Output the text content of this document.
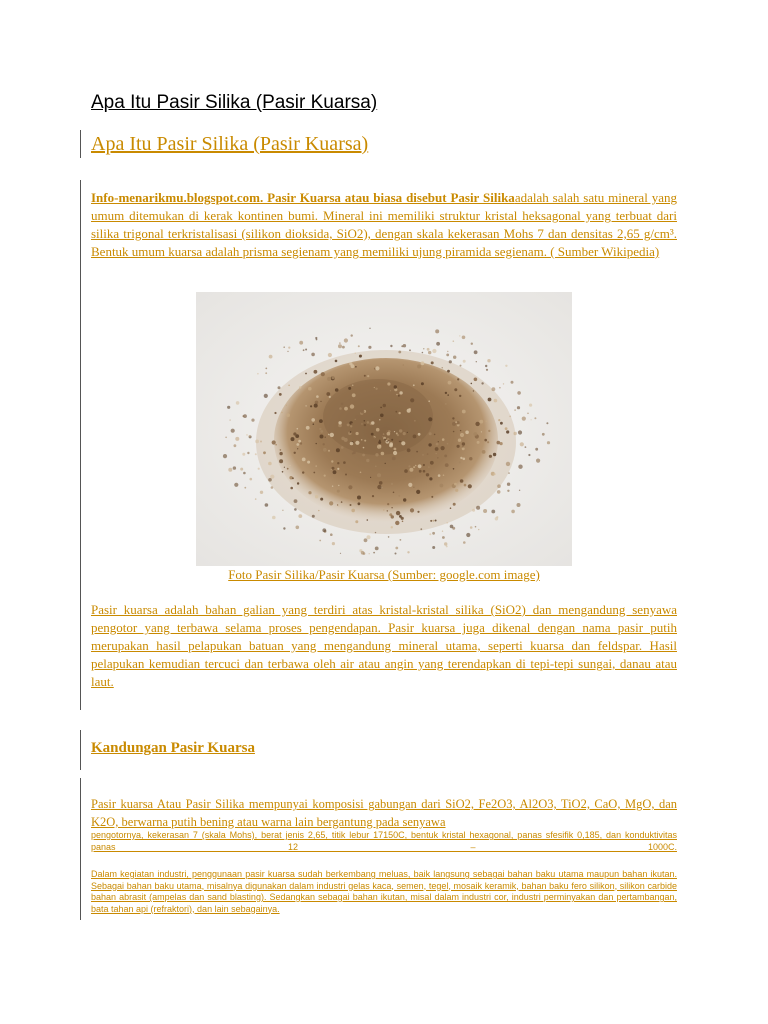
Apa Itu Pasir Silika (Pasir Kuarsa)
Apa Itu Pasir Silika (Pasir Kuarsa)

Info-menarikmu.blogspot.com. Pasir Kuarsa atau biasa disebut Pasir Silikaadalah salah satu mineral yang umum ditemukan di kerak kontinen bumi. Mineral ini memiliki struktur kristal heksagonal yang terbuat dari silika trigonal terkristalisasi (silikon dioksida, SiO2), dengan skala kekerasan Mohs 7 dan densitas 2,65 g/cm³. Bentuk umum kuarsa adalah prisma segienam yang memiliki ujung piramida segienam. ( Sumber Wikipedia)

Foto Pasir Silika/Pasir Kuarsa (Sumber: google.com image)

Pasir kuarsa adalah bahan galian yang terdiri atas kristal-kristal silika (SiO2) dan mengandung senyawa pengotor yang terbawa selama proses pengendapan. Pasir kuarsa juga dikenal dengan nama pasir putih merupakan hasil pelapukan batuan yang mengandung mineral utama, seperti kuarsa dan feldspar. Hasil pelapukan kemudian tercuci dan terbawa oleh air atau angin yang terendapkan di tepi-tepi sungai, danau atau laut.

Kandungan Pasir Kuarsa

Pasir kuarsa Atau Pasir Silika mempunyai komposisi gabungan dari SiO2, Fe2O3, Al2O3, TiO2, CaO, MgO, dan K2O, berwarna putih bening atau warna lain bergantung pada senyawa

pengotornya, kekerasan 7 (skala Mohs), berat jenis 2,65, titik lebur 17150C, bentuk kristal hexagonal, panas sfesifik 0,185, dan konduktivitas panas 12 – 1000C.

Dalam kegiatan industri, penggunaan pasir kuarsa sudah berkembang meluas, baik langsung sebagai bahan baku utama maupun bahan ikutan. Sebagai bahan baku utama, misalnya digunakan dalam industri gelas kaca, semen, tegel, mosaik keramik, bahan baku fero silikon, silikon carbide bahan abrasit (ampelas dan sand blasting). Sedangkan sebagai bahan ikutan, misal dalam industri cor, industri perminyakan dan pertambangan, bata tahan api (refraktori), dan lain sebagainya.
